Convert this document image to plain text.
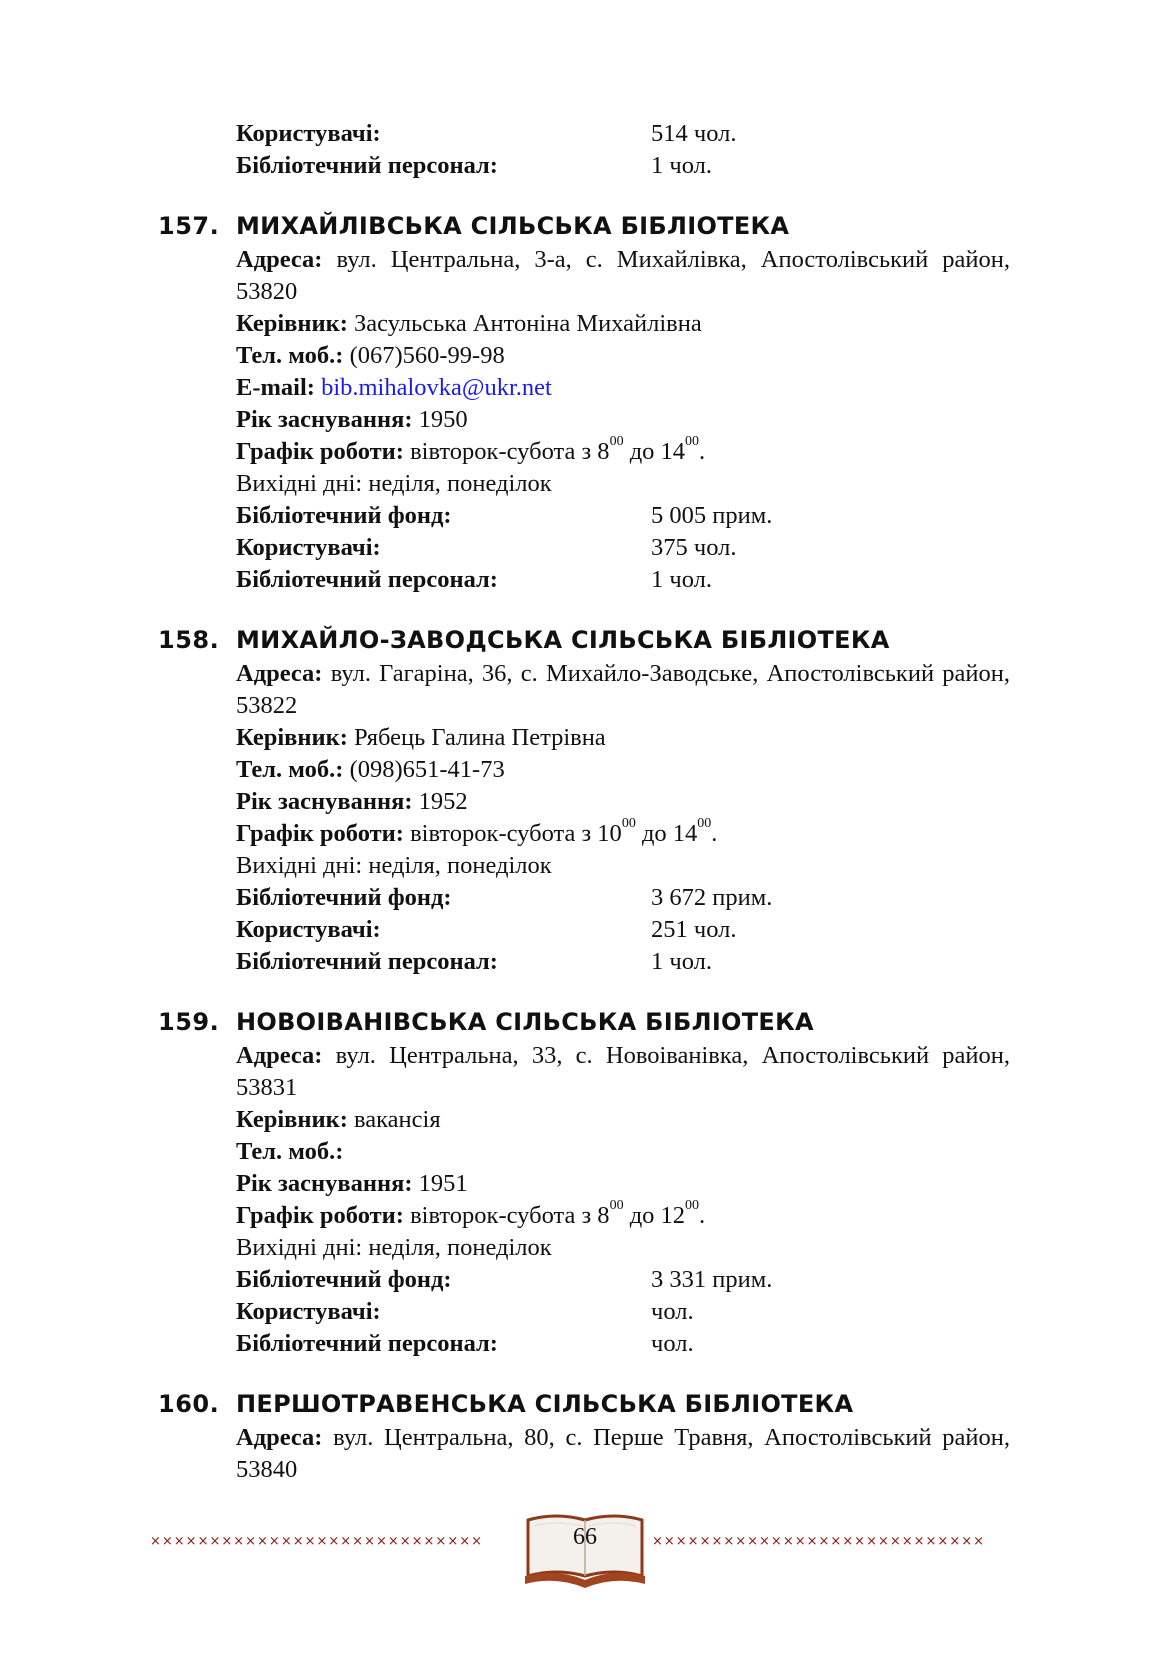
Користувачі:	514 чол.
Бібліотечний персонал:	1 чол.
157. МИХАЙЛІВСЬКА СІЛЬСЬКА БІБЛІОТЕКА
Адреса: вул. Центральна, 3-а, с. Михайлівка, Апостолівський район, 53820
Керівник: Засульська Антоніна Михайлівна
Тел. моб.: (067)560-99-98
E-mail: bib.mihalovka@ukr.net
Рік заснування: 1950
Графік роботи: вівторок-субота з $8^{00}$ до $14^{00}$.
Вихідні дні: неділя, понеділок
Бібліотечний фонд:	5 005 прим.
Користувачі:	375 чол.
Бібліотечний персонал:	1 чол.
158. МИХАЙЛО-ЗАВОДСЬКА СІЛЬСЬКА БІБЛІОТЕКА
Адреса: вул. Гагаріна, 36, с. Михайло-Заводське, Апостолівський район, 53822
Керівник: Рябець Галина Петрівна
Тел. моб.: (098)651-41-73
Рік заснування: 1952
Графік роботи: вівторок-субота з $10^{00}$ до $14^{00}$.
Вихідні дні: неділя, понеділок
Бібліотечний фонд:	3 672 прим.
Користувачі:	251 чол.
Бібліотечний персонал:	1 чол.
159. НОВОІВАНІВСЬКА СІЛЬСЬКА БІБЛІОТЕКА
Адреса: вул. Центральна, 33, с. Новоіванівка, Апостолівський район, 53831
Керівник: вакансія
Тел. моб.:
Рік заснування: 1951
Графік роботи: вівторок-субота з $8^{00}$ до $12^{00}$.
Вихідні дні: неділя, понеділок
Бібліотечний фонд:	3 331 прим.
Користувачі:	чол.
Бібліотечний персонал:	чол.
160. ПЕРШОТРАВЕНСЬКА СІЛЬСЬКА БІБЛІОТЕКА
Адреса: вул. Центральна, 80, с. Перше Травня, Апостолівський район, 53840
××××××××××××××××××××××××××××	66	××××××××××××××××××××××××××××
